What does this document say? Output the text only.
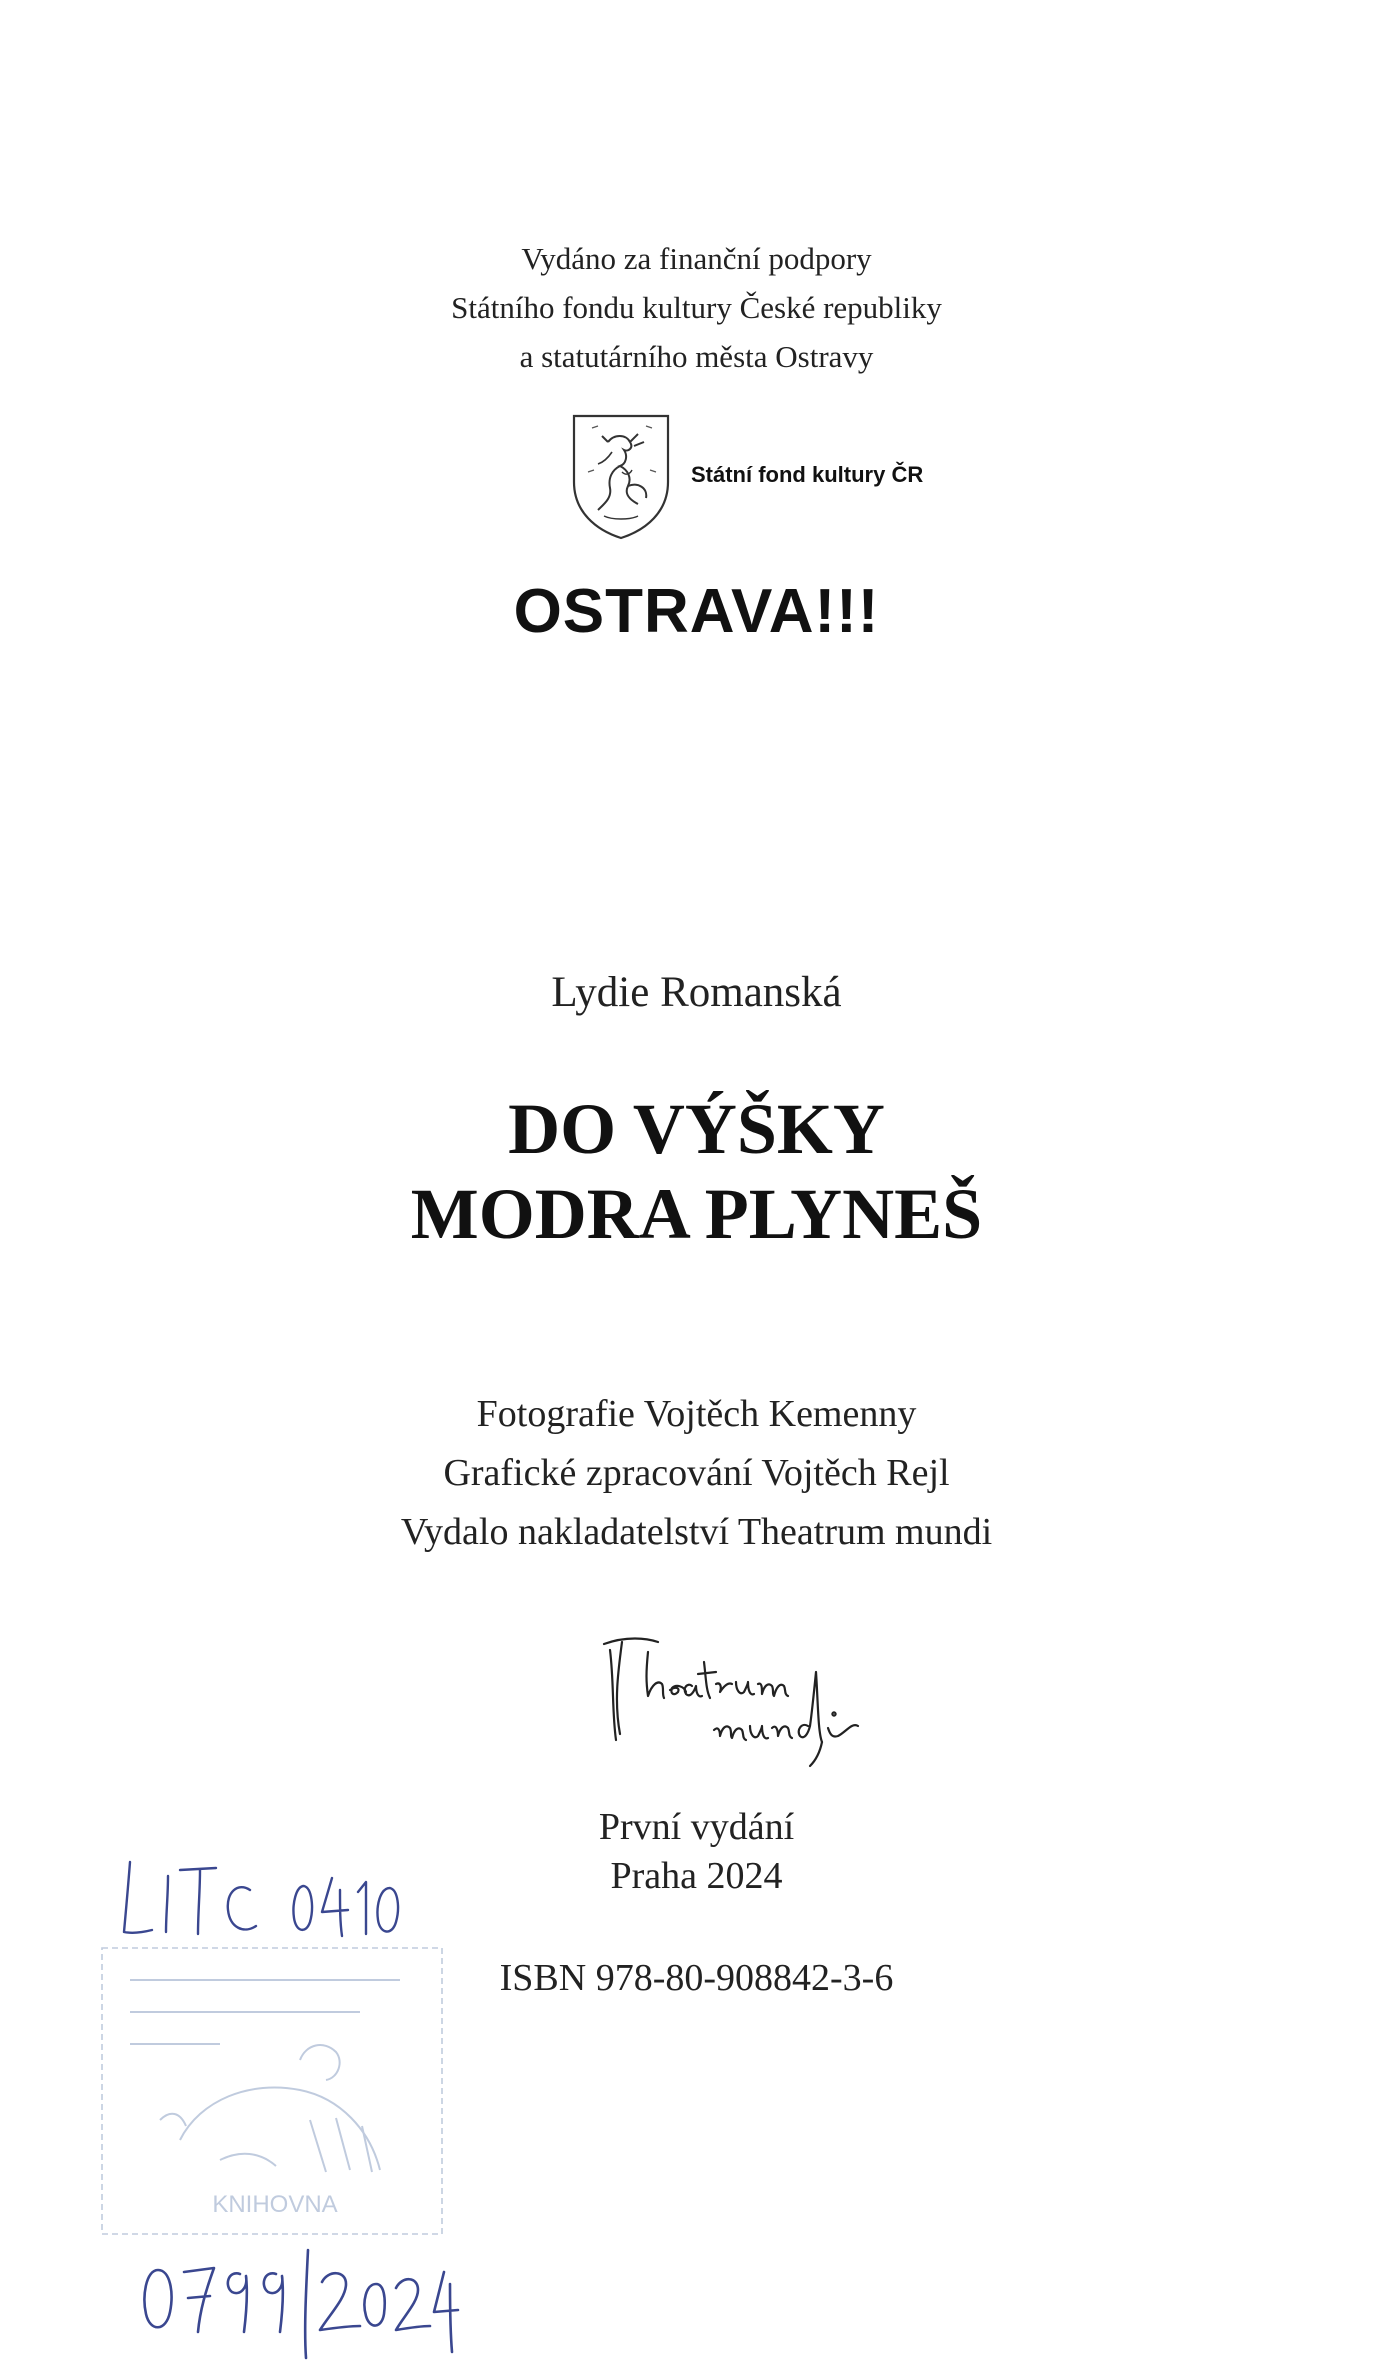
Vydáno za finanční podpory
Státního fondu kultury České republiky
a statutárního města Ostravy
Státní fond kultury ČR
OSTRAVA!!!
Lydie Romanská
DO VÝŠKY
MODRA PLYNEŠ
Fotografie Vojtěch Kemenny
Grafické zpracování Vojtěch Rejl
Vydalo nakladatelství Theatrum mundi
První vydání
Praha 2024
ISBN 978-80-908842-3-6
KNIHOVNA
